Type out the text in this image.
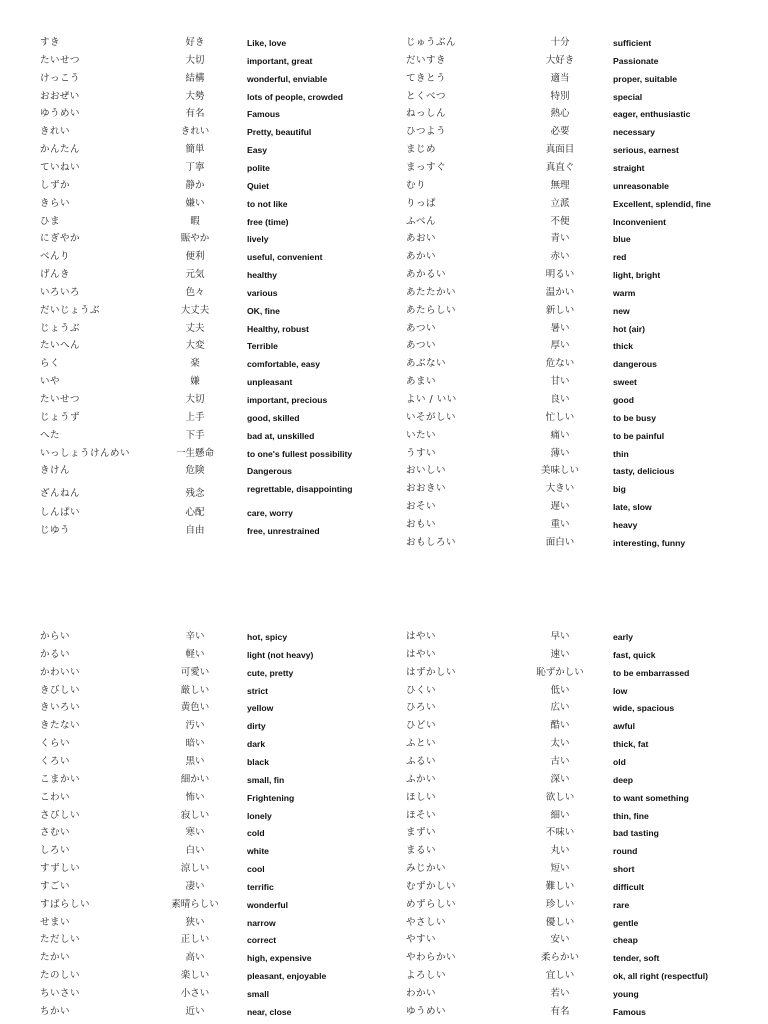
すき	好き	Like, love
たいせつ	大切	important, great
けっこう	結構	wonderful, enviable
おおぜい	大勢	lots of people, crowded
ゆうめい	有名	Famous
きれい	きれい	Pretty, beautiful
かんたん	簡単	Easy
ていねい	丁寧	polite
しずか	静か	Quiet
きらい	嫌い	to not like
ひま	暇	free (time)
にぎやか	賑やか	lively
べんり	便利	useful, convenient
げんき	元気	healthy
いろいろ	色々	various
だいじょうぶ	大丈夫	OK, fine
じょうぶ	丈夫	Healthy, robust
たいへん	大変	Terrible
らく	楽	comfortable, easy
いや	嫌	unpleasant
たいせつ	大切	important, precious
じょうず	上手	good, skilled
へた	下手	bad at, unskilled
いっしょうけんめい	一生懸命	to one's fullest possibility
きけん	危険	Dangerous
ざんねん	残念	regrettable, disappointing
しんぱい	心配	care, worry
じゆう	自由	free, unrestrained
じゅうぶん	十分	sufficient
だいすき	大好き	Passionate
てきとう	適当	proper, suitable
とくべつ	特別	special
ねっしん	熱心	eager, enthusiastic
ひつよう	必要	necessary
まじめ	真面目	serious, earnest
まっすぐ	真直ぐ	straight
むり	無理	unreasonable
りっぱ	立派	Excellent, splendid, fine
ふべん	不便	Inconvenient
あおい	青い	blue
あかい	赤い	red
あかるい	明るい	light, bright
あたたかい	温かい	warm
あたらしい	新しい	new
あつい	暑い	hot (air)
あつい	厚い	thick
あぶない	危ない	dangerous
あまい	甘い	sweet
よい / いい	良い	good
いそがしい	忙しい	to be busy
いたい	痛い	to be painful
うすい	薄い	thin
おいしい	美味しい	tasty, delicious
おおきい	大きい	big
おそい	遅い	late, slow
おもい	重い	heavy
おもしろい	面白い	interesting, funny
からい	辛い	hot, spicy
かるい	軽い	light (not heavy)
かわいい	可愛い	cute, pretty
きびしい	厳しい	strict
きいろい	黄色い	yellow
きたない	汚い	dirty
くらい	暗い	dark
くろい	黒い	black
こまかい	細かい	small, fin
こわい	怖い	Frightening
さびしい	寂しい	lonely
さむい	寒い	cold
しろい	白い	white
すずしい	涼しい	cool
すごい	凄い	terrific
すばらしい	素晴らしい	wonderful
せまい	狭い	narrow
ただしい	正しい	correct
たかい	高い	high, expensive
たのしい	楽しい	pleasant, enjoyable
ちいさい	小さい	small
ちかい	近い	near, close
はやい	早い	early
はやい	速い	fast, quick
はずかしい	恥ずかしい	to be embarrassed
ひくい	低い	low
ひろい	広い	wide, spacious
ひどい	酷い	awful
ふとい	太い	thick, fat
ふるい	古い	old
ふかい	深い	deep
ほしい	欲しい	to want something
ほそい	細い	thin, fine
まずい	不味い	bad tasting
まるい	丸い	round
みじかい	短い	short
むずかしい	難しい	difficult
めずらしい	珍しい	rare
やさしい	優しい	gentle
やすい	安い	cheap
やわらかい	柔らかい	tender, soft
よろしい	宜しい	ok, all right (respectful)
わかい	若い	young
ゆうめい	有名	Famous
